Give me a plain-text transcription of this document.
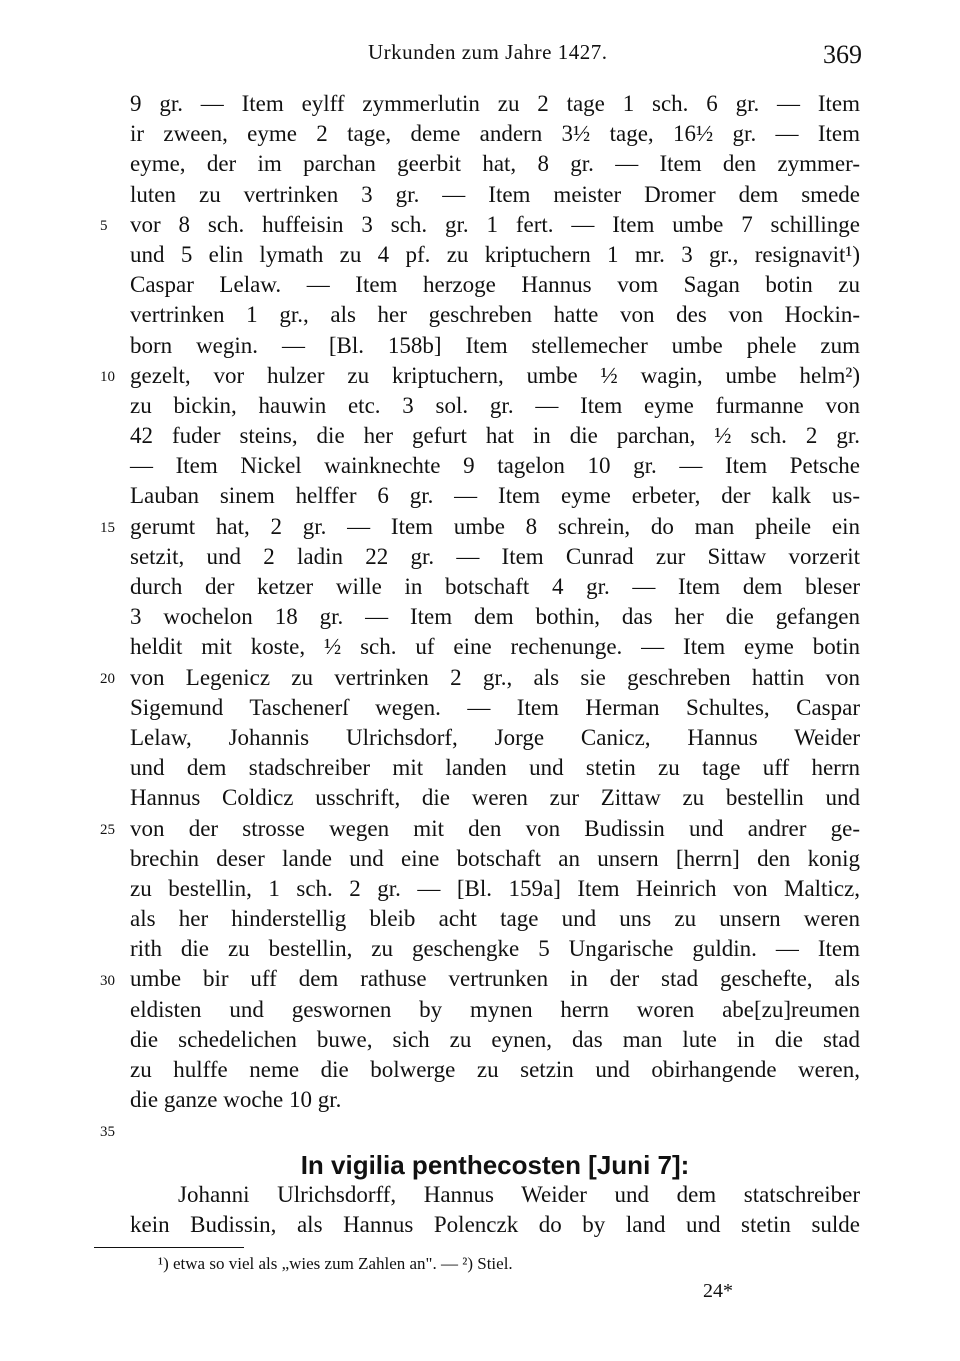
Urkunden zum Jahre 1427.	369
9 gr. — Item eylff zymmerlutin zu 2 tage 1 sch. 6 gr. — Item
ir zween, eyme 2 tage, deme andern 3½ tage, 16½ gr. — Item
eyme, der im parchan geerbit hat, 8 gr. — Item den zymmer-
luten zu vertrinken 3 gr. — Item meister Dromer dem smede
vor 8 sch. huffeisin 3 sch. gr. 1 fert. — Item umbe 7 schillinge
und 5 elin lymath zu 4 pf. zu kriptuchern 1 mr. 3 gr., resignavit¹)
Caspar Lelaw. — Item herzoge Hannus vom Sagan botin zu
vertrinken 1 gr., als her geschreben hatte von des von Hockin-
born wegin. — [Bl. 158b] Item stellemecher umbe phele zum
gezelt, vor hulzer zu kriptuchern, umbe ½ wagin, umbe helm²)
zu bickin, hauwin etc. 3 sol. gr. — Item eyme furmanne von
42 fuder steins, die her gefurt hat in die parchan, ½ sch. 2 gr.
— Item Nickel wainknechte 9 tagelon 10 gr. — Item Petsche
Lauban sinem helffer 6 gr. — Item eyme erbeter, der kalk us-
gerumt hat, 2 gr. — Item umbe 8 schrein, do man pheile ein
setzit, und 2 ladin 22 gr. — Item Cunrad zur Sittaw vorzerit
durch der ketzer wille in botschaft 4 gr. — Item dem bleser
3 wochelon 18 gr. — Item dem bothin, das her die gefangen
heldit mit koste, ½ sch. uf eine rechenunge. — Item eyme botin
von Legenicz zu vertrinken 2 gr., als sie geschreben hattin von
Sigemund Taschenerſ wegen. — Item Herman Schultes, Caspar
Lelaw, Johannis Ulrichsdorf, Jorge Canicz, Hannus Weider
und dem stadschreiber mit landen und stetin zu tage uff herrn
Hannus Coldicz usschrift, die weren zur Zittaw zu bestellin und
von der strosse wegen mit den von Budissin und andrer ge-
brechin deser lande und eine botschaft an unsern [herrn] den konig
zu bestellin, 1 sch. 2 gr. — [Bl. 159a] Item Heinrich von Malticz,
als her hinderstellig bleib acht tage und uns zu unsern weren
rith die zu bestellin, zu geschengke 5 Ungarische guldin. — Item
umbe bir uff dem rathuse vertrunken in der stad geschefte, als
eldisten und geswornen by mynen herrn woren abe[zu]reumen
die schedelichen buwe, sich zu eynen, das man lute in die stad
zu hulffe neme die bolwerge zu setzin und obirhangende weren,
die ganze woche 10 gr.
5
10
15
20
25
30
35
In vigilia penthecosten [Juni 7]:
Johanni Ulrichsdorff, Hannus Weider und dem statschreiber
kein Budissin, als Hannus Polenczk do by land und stetin sulde
¹) etwa so viel als „wies zum Zahlen an". — ²) Stiel.
24*
